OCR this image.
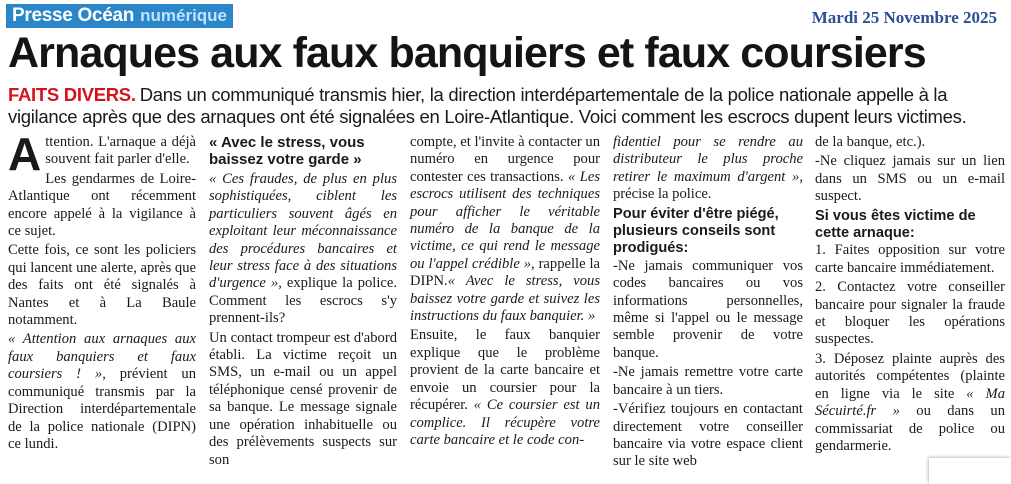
Presse Océan numérique	Mardi 25 Novembre 2025
Arnaques aux faux banquiers et faux coursiers
FAITS DIVERS. Dans un communiqué transmis hier, la direction interdépartementale de la police nationale appelle à la vigilance après que des arnaques ont été signalées en Loire-Atlantique. Voici comment les escrocs dupent leurs victimes.

Attention. L'arnaque a déjà souvent fait parler d'elle.

Les gendarmes de Loire-Atlantique ont récemment encore appelé à la vigilance à ce sujet.

Cette fois, ce sont les policiers qui lancent une alerte, après que des faits ont été signalés à Nantes et à La Baule notamment.

« Attention aux arnaques aux faux banquiers et faux coursiers ! », prévient un communiqué transmis par la Direction interdépartementale de la police nationale (DIPN) ce lundi.

« Avec le stress, vous baissez votre garde »

« Ces fraudes, de plus en plus sophistiquées, ciblent les particuliers souvent âgés en exploitant leur méconnaissance des procédures bancaires et leur stress face à des situations d'urgence », explique la police. Comment les escrocs s'y prennent-ils?

Un contact trompeur est d'abord établi. La victime reçoit un SMS, un e-mail ou un appel téléphonique censé provenir de sa banque. Le message signale une opération inhabituelle ou des prélèvements suspects sur son

compte, et l'invite à contacter un numéro en urgence pour contester ces transactions. « Les escrocs utilisent des techniques pour afficher le véritable numéro de la banque de la victime, ce qui rend le message ou l'appel crédible », rappelle la DIPN.« Avec le stress, vous baissez votre garde et suivez les instructions du faux banquier. »

Ensuite, le faux banquier explique que le problème provient de la carte bancaire et envoie un coursier pour la récupérer. « Ce coursier est un complice. Il récupère votre carte bancaire et le code con-

fidentiel pour se rendre au distributeur le plus proche retirer le maximum d'argent », précise la police.

Pour éviter d'être piégé, plusieurs conseils sont prodigués:

-Ne jamais communiquer vos codes bancaires ou vos informations personnelles, même si l'appel ou le message semble provenir de votre banque.

-Ne jamais remettre votre carte bancaire à un tiers.

-Vérifiez toujours en contactant directement votre conseiller bancaire via votre espace client sur le site web

de la banque, etc.).

-Ne cliquez jamais sur un lien dans un SMS ou un e-mail suspect.

Si vous êtes victime de cette arnaque:

1. Faites opposition sur votre carte bancaire immédiatement.

2. Contactez votre conseiller bancaire pour signaler la fraude et bloquer les opérations suspectes.

3. Déposez plainte auprès des autorités compétentes (plainte en ligne via le site « Ma Sécuirté.fr » ou dans un commissariat de police ou gendarmerie.
